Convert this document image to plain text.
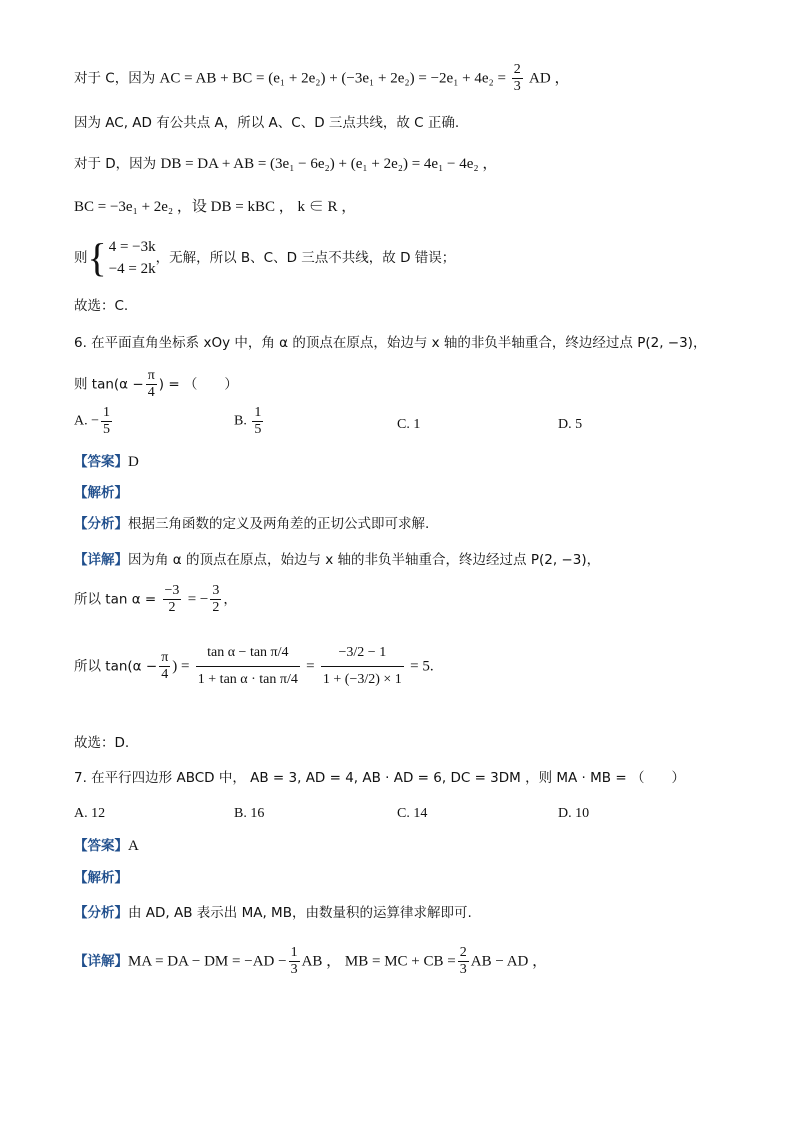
对于 C，因为 AC = AB + BC = $(e_1 + 2e_2) + (-3e_1 + 2e_2) = -2e_1 + 4e_2 = \frac{2}{3}$ AD ，
因为 AC, AD 有公共点 A，所以 A、C、D 三点共线，故 C 正确.
对于 D，因为 DB = DA + AB = (3e₁ − 6e₂) + (e₁ + 2e₂) = 4e₁ − 4e₂ ，
BC = −3e₁ + 2e₂ ，设 DB = kBC ， k ∈ R ，
则{ 4 = −3k
−4 = 2k
，无解，所以 B、C、D 三点不共线，故 D 错误；
故选：C.
6. 在平面直角坐标系 xOy 中，角 α 的顶点在原点，始边与 x 轴的非负半轴重合，终边经过点 P(2, −3)，
则 $\tan(\alpha - \frac{\pi}{4}$ ) = （　　）
A. − $\frac{1}{5}$	B. $\frac{1}{5}$	C. 1	D. 5
【答案】D
【解析】
【分析】根据三角函数的定义及两角差的正切公式即可求解.
【详解】因为角 α 的顶点在原点，始边与 x 轴的非负半轴重合，终边经过点 P(2, −3)，
所以 $\tan \alpha = \frac{-3}{2}$ = − $\frac{3}{2}$ ，
所以 $\tan(\alpha - \frac{\pi}{4}$ ) = $\frac{\text{tan α − tan π/4}}{\text{1 + tan α · tan π/4}} = \frac{-3/2 - 1}{1 + (-3/2) \times 1} = 5$.
故选：D.
7. 在平行四边形 ABCD 中， AB = 3, AD = 4, AB · AD = 6, DC = 3DM ，则 MA · MB = （　　）
A. 12	B. 16	C. 14	D. 10
【答案】A
【解析】
【分析】由 AD, AB 表示出 MA, MB，由数量积的运算律求解即可.
【详解】MA = DA − DM = $-AD - \frac{1}{3}$ AB ， MB = MC + CB = $\frac{2}{3}$ AB − AD ，
